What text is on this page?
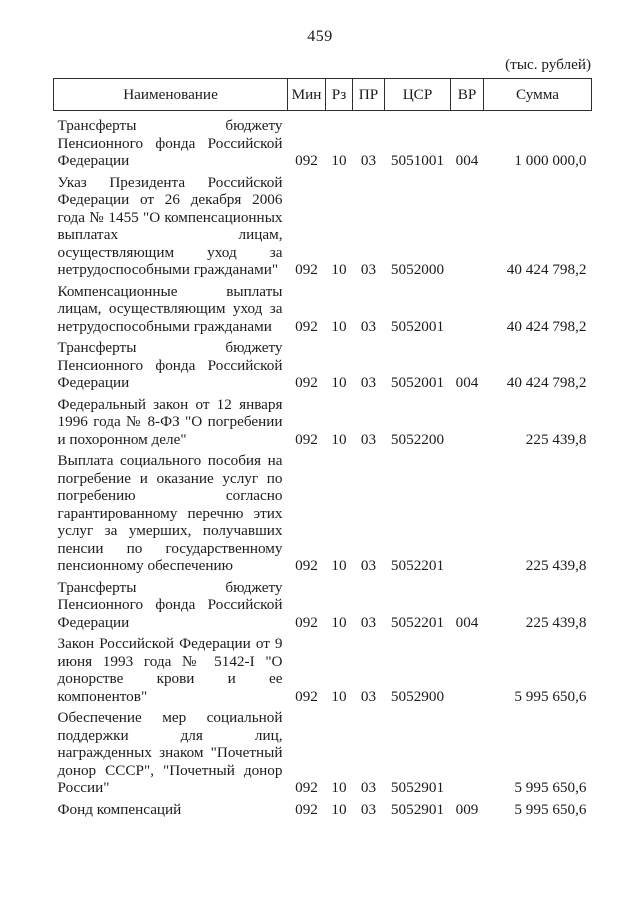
459
(тыс. рублей)
Наименование	Мин	Рз	ПР	ЦСР	ВР	Сумма
Трансферты бюджету Пенсионного фонда Российской Федерации	092	10	03	5051001	004	1 000 000,0
Указ Президента Российской Федерации от 26 декабря 2006 года № 1455 "О компенсационных выплатах лицам, осуществляющим уход за нетрудоспособными гражданами"	092	10	03	5052000		40 424 798,2
Компенсационные выплаты лицам, осуществляющим уход за нетрудоспособными гражданами	092	10	03	5052001		40 424 798,2
Трансферты бюджету Пенсионного фонда Российской Федерации	092	10	03	5052001	004	40 424 798,2
Федеральный закон от 12 января 1996 года № 8-ФЗ "О погребении и похоронном деле"	092	10	03	5052200		225 439,8
Выплата социального пособия на погребение и оказание услуг по погребению согласно гарантированному перечню этих услуг за умерших, получавших пенсии по государственному пенсионному обеспечению	092	10	03	5052201		225 439,8
Трансферты бюджету Пенсионного фонда Российской Федерации	092	10	03	5052201	004	225 439,8
Закон Российской Федерации от 9 июня 1993 года № 5142-I "О донорстве крови и ее компонентов"	092	10	03	5052900		5 995 650,6
Обеспечение мер социальной поддержки для лиц, награжденных знаком "Почетный донор СССР", "Почетный донор России"	092	10	03	5052901		5 995 650,6
Фонд компенсаций	092	10	03	5052901	009	5 995 650,6
